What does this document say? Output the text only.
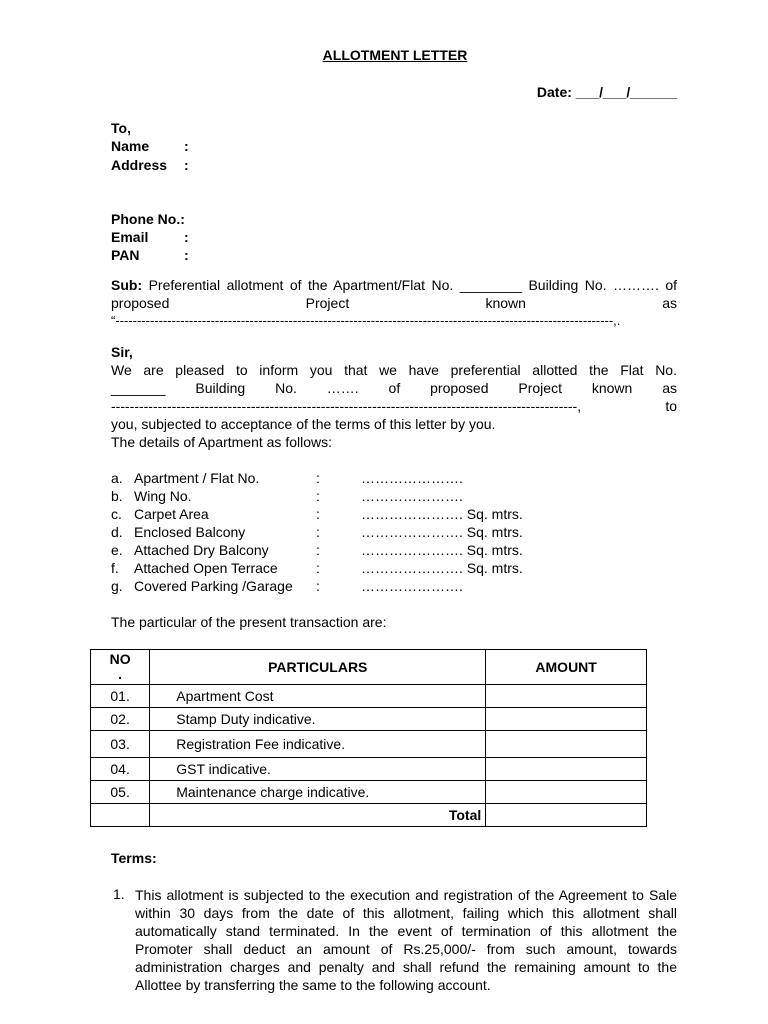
ALLOTMENT LETTER
Date: ___/___/______
To,
Name	:
Address	:
Phone No.:
Email	:
PAN	:
Sub: Preferential allotment of the Apartment/Flat No. ________ Building No. ………. of
proposed Project known as
“-------------------------------------------------------------------------------------------------------------------,.
Sir,
We are pleased to inform you that we have preferential allotted the Flat No.
_______ Building No. ……. of proposed Project known as
----------------------------------------------------------------------------------------------------, to
you, subjected to acceptance of the terms of this letter by you.
The details of Apartment as follows:
a. Apartment / Flat No.	:	………………….
b. Wing No.	:	………………….
c. Carpet Area	:	…………………. Sq. mtrs.
d. Enclosed Balcony	:	…………………. Sq. mtrs.
e. Attached Dry Balcony	:	…………………. Sq. mtrs.
f. Attached Open Terrace	:	…………………. Sq. mtrs.
g. Covered Parking /Garage :	………………….
The particular of the present transaction are:
NO
.	PARTICULARS	AMOUNT
01.	Apartment Cost	
02.	Stamp Duty indicative.	
03.	Registration Fee indicative.	
04.	GST indicative.	
05.	Maintenance charge indicative.	
	Total	
Terms:
1. This allotment is subjected to the execution and registration of the Agreement to Sale within 30 days from the date of this allotment, failing which this allotment shall automatically stand terminated. In the event of termination of this allotment the Promoter shall deduct an amount of Rs.25,000/- from such amount, towards administration charges and penalty and shall refund the remaining amount to the Allottee by transferring the same to the following account.
